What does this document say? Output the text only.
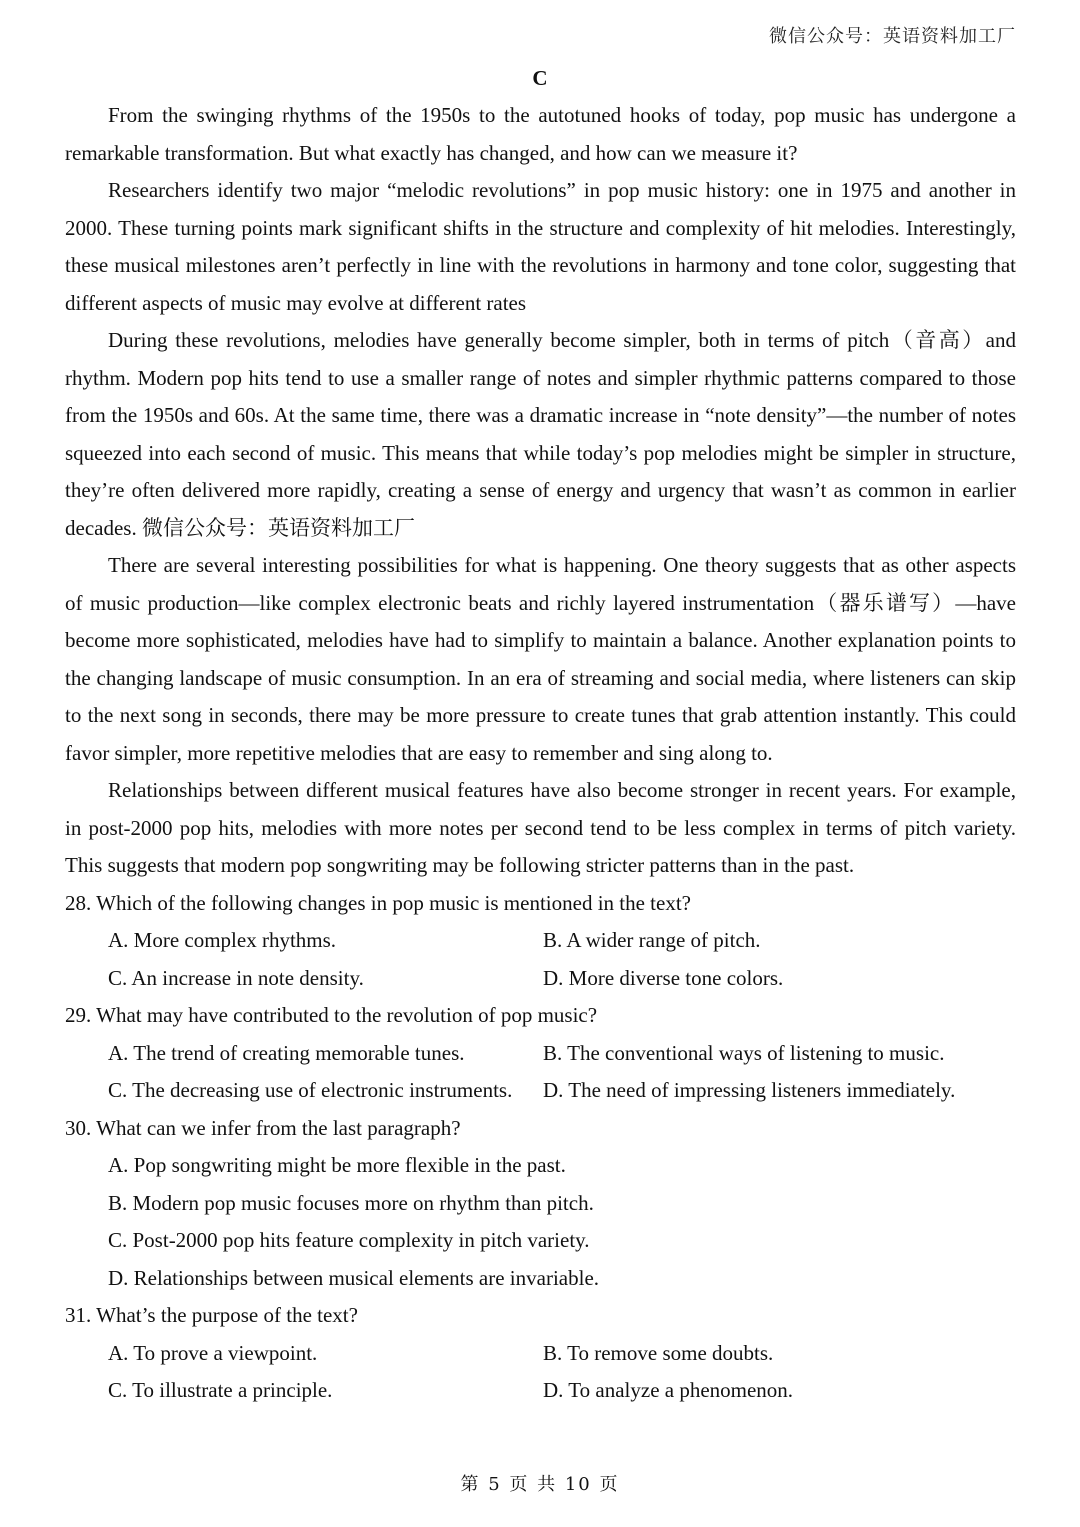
微信公众号：英语资料加工厂
C

From the swinging rhythms of the 1950s to the autotuned hooks of today, pop music has undergone a remarkable transformation. But what exactly has changed, and how can we measure it?

Researchers identify two major “melodic revolutions” in pop music history: one in 1975 and another in 2000. These turning points mark significant shifts in the structure and complexity of hit melodies. Interestingly, these musical milestones aren’t perfectly in line with the revolutions in harmony and tone color, suggesting that different aspects of music may evolve at different rates

During these revolutions, melodies have generally become simpler, both in terms of pitch（音高）and rhythm. Modern pop hits tend to use a smaller range of notes and simpler rhythmic patterns compared to those from the 1950s and 60s. At the same time, there was a dramatic increase in “note density”—the number of notes squeezed into each second of music. This means that while today’s pop melodies might be simpler in structure, they’re often delivered more rapidly, creating a sense of energy and urgency that wasn’t as common in earlier decades. 微信公众号：英语资料加工厂

There are several interesting possibilities for what is happening. One theory suggests that as other aspects of music production—like complex electronic beats and richly layered instrumentation（器乐谱写）—have become more sophisticated, melodies have had to simplify to maintain a balance. Another explanation points to the changing landscape of music consumption. In an era of streaming and social media, where listeners can skip to the next song in seconds, there may be more pressure to create tunes that grab attention instantly. This could favor simpler, more repetitive melodies that are easy to remember and sing along to.

Relationships between different musical features have also become stronger in recent years. For example, in post-2000 pop hits, melodies with more notes per second tend to be less complex in terms of pitch variety. This suggests that modern pop songwriting may be following stricter patterns than in the past.

28. Which of the following changes in pop music is mentioned in the text?

A. More complex rhythms.	B. A wider range of pitch.

C. An increase in note density.	D. More diverse tone colors.

29. What may have contributed to the revolution of pop music?

A. The trend of creating memorable tunes.	B. The conventional ways of listening to music.

C. The decreasing use of electronic instruments.	D. The need of impressing listeners immediately.

30. What can we infer from the last paragraph?

A. Pop songwriting might be more flexible in the past.

B. Modern pop music focuses more on rhythm than pitch.

C. Post-2000 pop hits feature complexity in pitch variety.

D. Relationships between musical elements are invariable.

31. What’s the purpose of the text?

A. To prove a viewpoint.	B. To remove some doubts.

C. To illustrate a principle.	D. To analyze a phenomenon.

第 5 页 共 10 页
